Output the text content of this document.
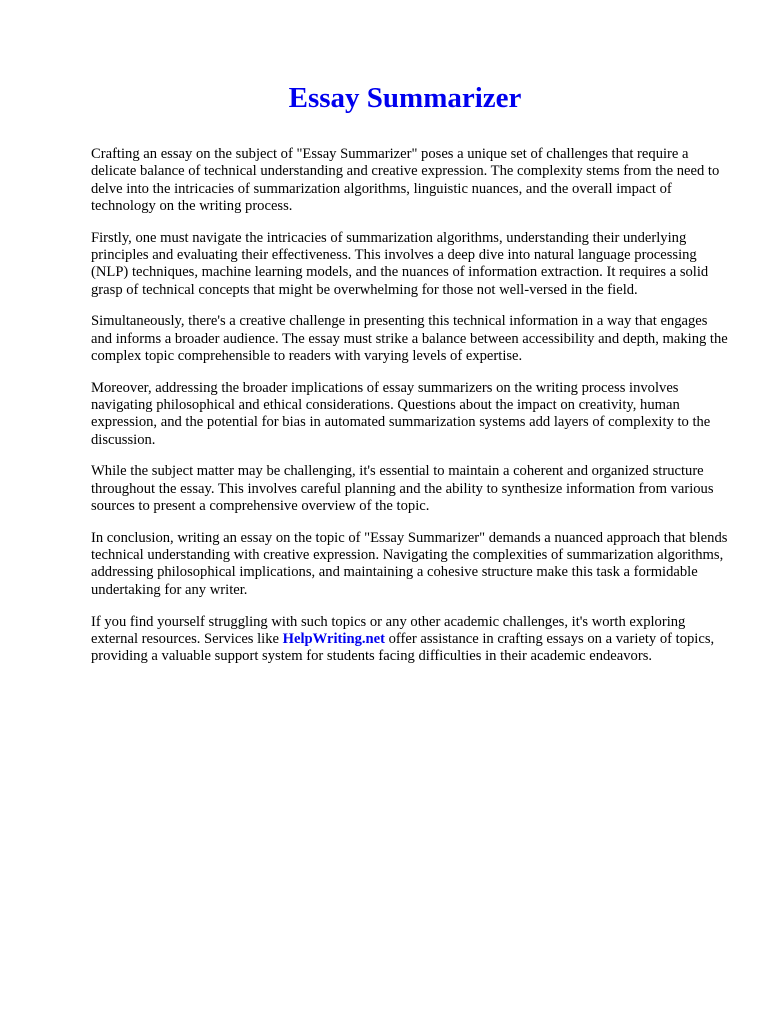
Essay Summarizer

Crafting an essay on the subject of "Essay Summarizer" poses a unique set of challenges that require a delicate balance of technical understanding and creative expression. The complexity stems from the need to delve into the intricacies of summarization algorithms, linguistic nuances, and the overall impact of technology on the writing process.

Firstly, one must navigate the intricacies of summarization algorithms, understanding their underlying principles and evaluating their effectiveness. This involves a deep dive into natural language processing (NLP) techniques, machine learning models, and the nuances of information extraction. It requires a solid grasp of technical concepts that might be overwhelming for those not well-versed in the field.

Simultaneously, there's a creative challenge in presenting this technical information in a way that engages and informs a broader audience. The essay must strike a balance between accessibility and depth, making the complex topic comprehensible to readers with varying levels of expertise.

Moreover, addressing the broader implications of essay summarizers on the writing process involves navigating philosophical and ethical considerations. Questions about the impact on creativity, human expression, and the potential for bias in automated summarization systems add layers of complexity to the discussion.

While the subject matter may be challenging, it's essential to maintain a coherent and organized structure throughout the essay. This involves careful planning and the ability to synthesize information from various sources to present a comprehensive overview of the topic.

In conclusion, writing an essay on the topic of "Essay Summarizer" demands a nuanced approach that blends technical understanding with creative expression. Navigating the complexities of summarization algorithms, addressing philosophical implications, and maintaining a cohesive structure make this task a formidable undertaking for any writer.

If you find yourself struggling with such topics or any other academic challenges, it's worth exploring external resources. Services like HelpWriting.net offer assistance in crafting essays on a variety of topics, providing a valuable support system for students facing difficulties in their academic endeavors.
